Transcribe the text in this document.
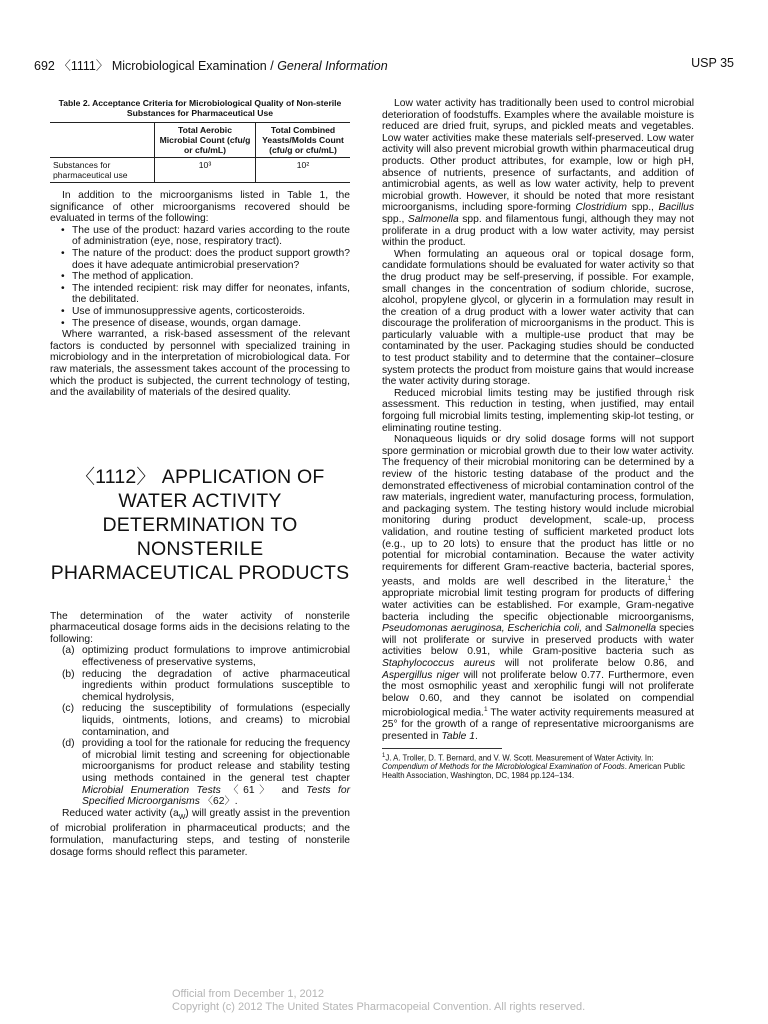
692 〈1111〉 Microbiological Examination / General Information	USP 35
Table 2. Acceptance Criteria for Microbiological Quality of Non-sterile Substances for Pharmaceutical Use
	Total Aerobic Microbial Count (cfu/g or cfu/mL)	Total Combined Yeasts/Molds Count (cfu/g or cfu/mL)
Substances for pharmaceutical use	10³	10²

In addition to the microorganisms listed in Table 1, the significance of other microorganisms recovered should be evaluated in terms of the following:

• The use of the product: hazard varies according to the route of administration (eye, nose, respiratory tract).
• The nature of the product: does the product support growth? does it have adequate antimicrobial preservation?
• The method of application.
• The intended recipient: risk may differ for neonates, infants, the debilitated.
• Use of immunosuppressive agents, corticosteroids.
• The presence of disease, wounds, organ damage.

Where warranted, a risk-based assessment of the relevant factors is conducted by personnel with specialized training in microbiology and in the interpretation of microbiological data. For raw materials, the assessment takes account of the processing to which the product is subjected, the current technology of testing, and the availability of materials of the desired quality.

〈1112〉 APPLICATION OF WATER ACTIVITY DETERMINATION TO NONSTERILE PHARMACEUTICAL PRODUCTS

The determination of the water activity of nonsterile pharmaceutical dosage forms aids in the decisions relating to the following:

(a) optimizing product formulations to improve antimicrobial effectiveness of preservative systems,
(b) reducing the degradation of active pharmaceutical ingredients within product formulations susceptible to chemical hydrolysis,
(c) reducing the susceptibility of formulations (especially liquids, ointments, lotions, and creams) to microbial contamination, and
(d) providing a tool for the rationale for reducing the frequency of microbial limit testing and screening for objectionable microorganisms for product release and stability testing using methods contained in the general test chapter Microbial Enumeration Tests 〈61〉 and Tests for Specified Microorganisms 〈62〉.

Reduced water activity $(a_W)$ will greatly assist in the prevention of microbial proliferation in pharmaceutical products; and the formulation, manufacturing steps, and testing of nonsterile dosage forms should reflect this parameter.

Low water activity has traditionally been used to control microbial deterioration of foodstuffs. Examples where the available moisture is reduced are dried fruit, syrups, and pickled meats and vegetables. Low water activities make these materials self-preserved. Low water activity will also prevent microbial growth within pharmaceutical drug products. Other product attributes, for example, low or high pH, absence of nutrients, presence of surfactants, and addition of antimicrobial agents, as well as low water activity, help to prevent microbial growth. However, it should be noted that more resistant microorganisms, including spore-forming Clostridium spp., Bacillus spp., Salmonella spp. and filamentous fungi, although they may not proliferate in a drug product with a low water activity, may persist within the product.

When formulating an aqueous oral or topical dosage form, candidate formulations should be evaluated for water activity so that the drug product may be self-preserving, if possible. For example, small changes in the concentration of sodium chloride, sucrose, alcohol, propylene glycol, or glycerin in a formulation may result in the creation of a drug product with a lower water activity that can discourage the proliferation of microorganisms in the product. This is particularly valuable with a multiple-use product that may be contaminated by the user. Packaging studies should be conducted to test product stability and to determine that the container–closure system protects the product from moisture gains that would increase the water activity during storage.

Reduced microbial limits testing may be justified through risk assessment. This reduction in testing, when justified, may entail forgoing full microbial limits testing, implementing skip-lot testing, or eliminating routine testing.

Nonaqueous liquids or dry solid dosage forms will not support spore germination or microbial growth due to their low water activity. The frequency of their microbial monitoring can be determined by a review of the historic testing database of the product and the demonstrated effectiveness of microbial contamination control of the raw materials, ingredient water, manufacturing process, formulation, and packaging system. The testing history would include microbial monitoring during product development, scale-up, process validation, and routine testing of sufficient marketed product lots (e.g., up to 20 lots) to ensure that the product has little or no potential for microbial contamination. Because the water activity requirements for different Gram-reactive bacteria, bacterial spores, yeasts, and molds are well described in the literature,$^1$ the appropriate microbial limit testing program for products of differing water activities can be established. For example, Gram-negative bacteria including the specific objectionable microorganisms, Pseudomonas aeruginosa, Escherichia coli, and Salmonella species will not proliferate or survive in preserved products with water activities below 0.91, while Gram-positive bacteria such as Staphylococcus aureus will not proliferate below 0.86, and Aspergillus niger will not proliferate below 0.77. Furthermore, even the most osmophilic yeast and xerophilic fungi will not proliferate below 0.60, and they cannot be isolated on compendial microbiological media.$^1$ The water activity requirements measured at 25° for the growth of a range of representative microorganisms are presented in Table 1.

$^1$J. A. Troller, D. T. Bernard, and V. W. Scott. Measurement of Water Activity. In: Compendium of Methods for the Microbiological Examination of Foods. American Public Health Association, Washington, DC, 1984 pp.124–134.
Official from December 1, 2012
Copyright (c) 2012 The United States Pharmacopeial Convention. All rights reserved.
